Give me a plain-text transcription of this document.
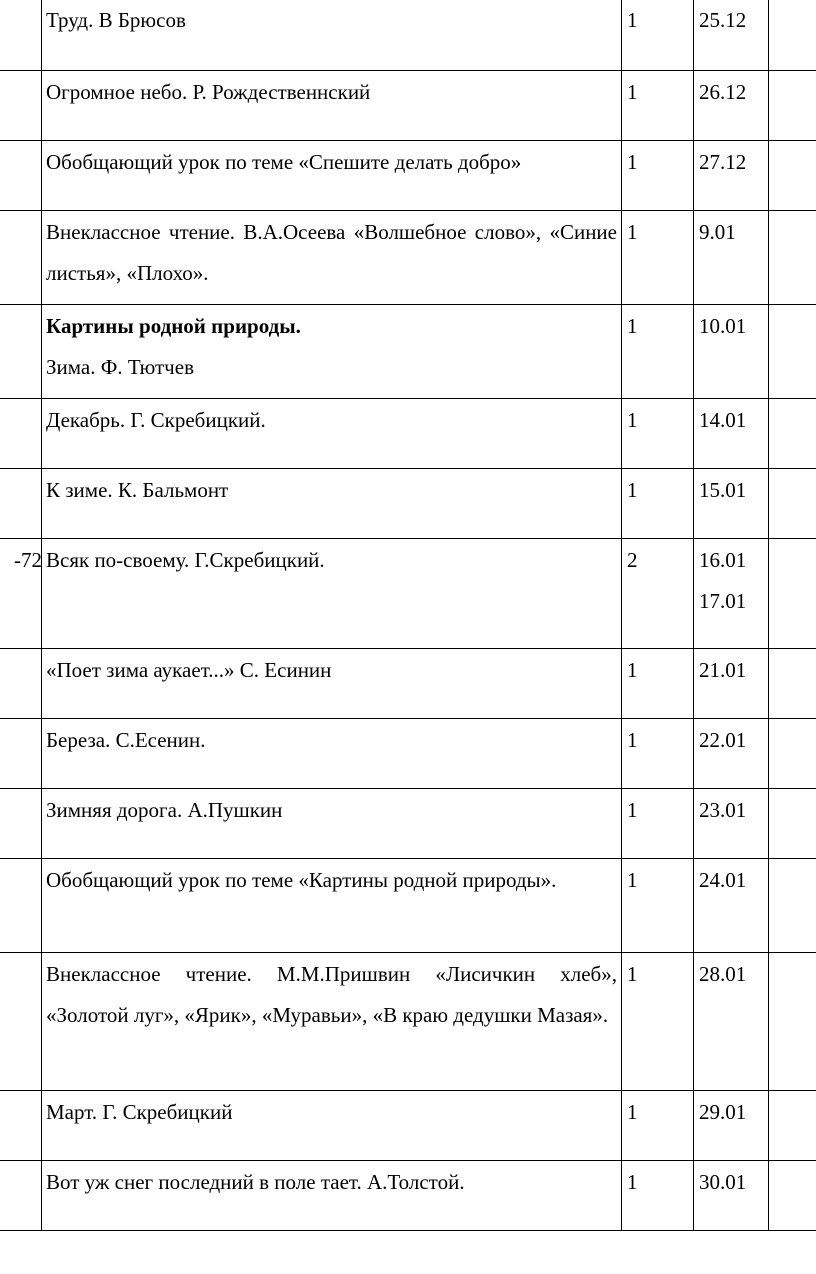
	Труд. В Брюсов	1	25.12	

	Огромное небо. Р. Рождественнский	1	26.12	

	Обобщающий урок по теме «Спешите делать добро»	1	27.12	

	Внеклассное чтение. В.А.Осеева «Волшебное слово», «Синие листья», «Плохо».	1	9.01	

	Картины родной природы.
Зима. Ф. Тютчев	1	10.01	

	Декабрь. Г. Скребицкий.	1	14.01	

	К зиме. К. Бальмонт	1	15.01	

-72	Всяк по-своему. Г.Скребицкий.	2	16.01
17.01	

	«Поет зима аукает...» С. Есинин	1	21.01	

	Береза. С.Есенин.	1	22.01	

	Зимняя дорога. А.Пушкин	1	23.01	

	Обобщающий урок по теме «Картины родной природы».	1	24.01	

	Внеклассное чтение. М.М.Пришвин «Лисичкин хлеб», «Золотой луг», «Ярик», «Муравьи», «В краю дедушки Мазая».	1	28.01	

	Март. Г. Скребицкий	1	29.01	

	Вот уж снег последний в поле тает. А.Толстой.	1	30.01	
